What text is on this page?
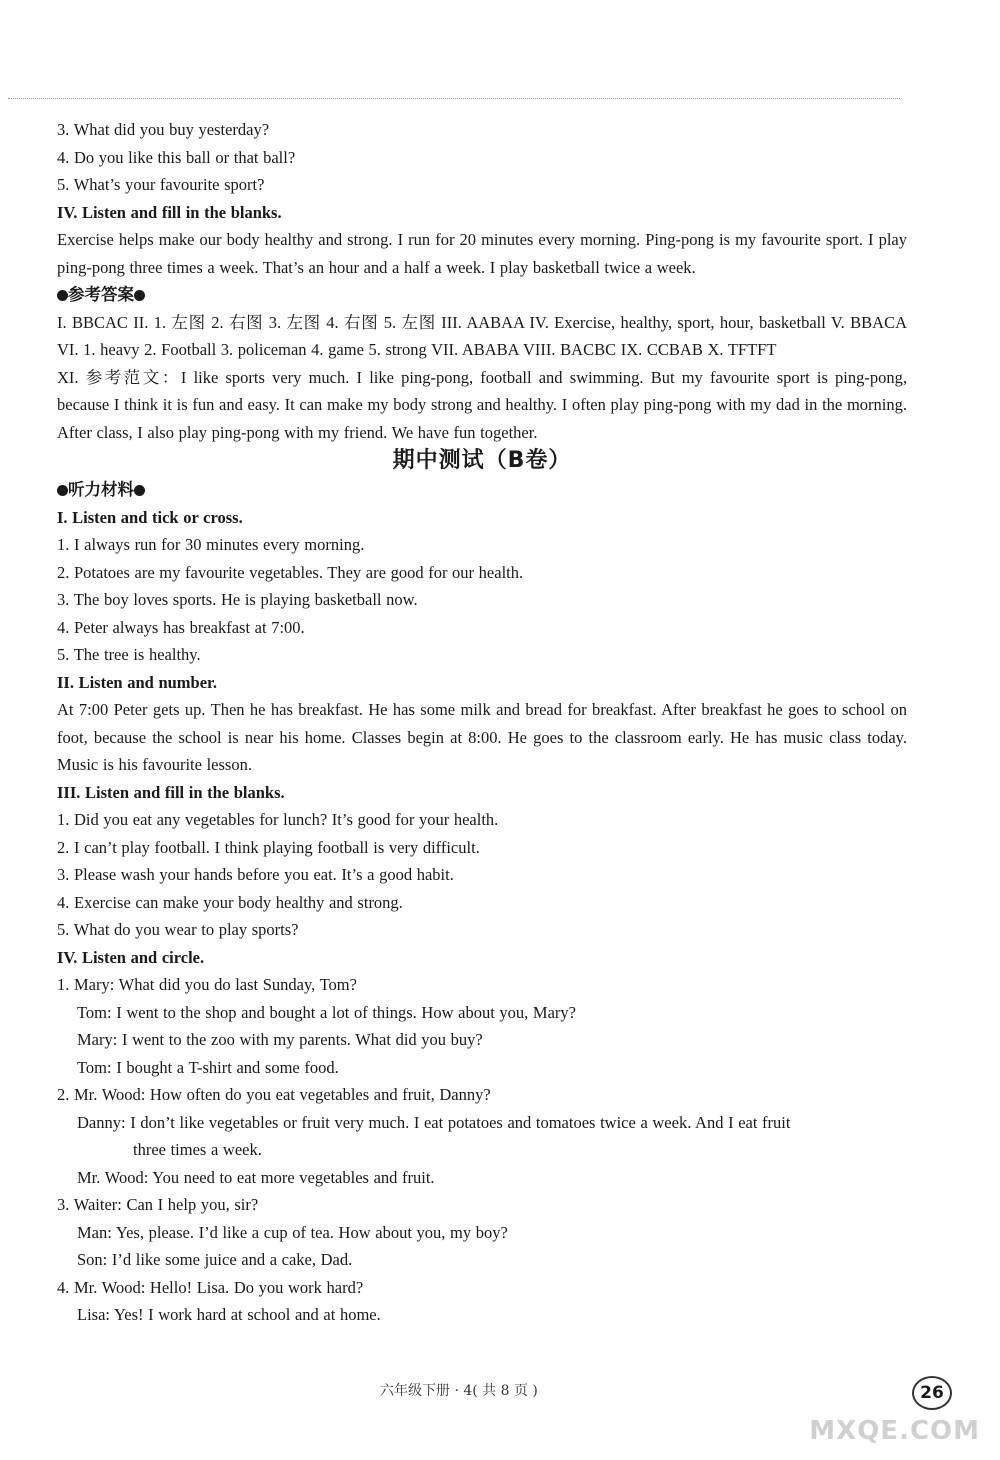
3. What did you buy yesterday?
4. Do you like this ball or that ball?
5. What’s your favourite sport?
IV. Listen and fill in the blanks.
Exercise helps make our body healthy and strong. I run for 20 minutes every morning. Ping-pong is my favourite sport. I play ping-pong three times a week. That’s an hour and a half a week. I play basketball twice a week.
参考答案
I. BBCAC II. 1. 左图 2. 右图 3. 左图 4. 右图 5. 左图 III. AABAA IV. Exercise, healthy, sport, hour, basketball V. BBACA VI. 1. heavy 2. Football 3. policeman 4. game 5. strong VII. ABABA VIII. BACBC IX. CCBAB X. TFTFT
XI. 参考范文：I like sports very much. I like ping-pong, football and swimming. But my favourite sport is ping-pong, because I think it is fun and easy. It can make my body strong and healthy. I often play ping-pong with my dad in the morning. After class, I also play ping-pong with my friend. We have fun together.
期中测试（B卷）
听力材料
I. Listen and tick or cross.
1. I always run for 30 minutes every morning.
2. Potatoes are my favourite vegetables. They are good for our health.
3. The boy loves sports. He is playing basketball now.
4. Peter always has breakfast at 7:00.
5. The tree is healthy.
II. Listen and number.
At 7:00 Peter gets up. Then he has breakfast. He has some milk and bread for breakfast. After breakfast he goes to school on foot, because the school is near his home. Classes begin at 8:00. He goes to the classroom early. He has music class today. Music is his favourite lesson.
III. Listen and fill in the blanks.
1. Did you eat any vegetables for lunch? It’s good for your health.
2. I can’t play football. I think playing football is very difficult.
3. Please wash your hands before you eat. It’s a good habit.
4. Exercise can make your body healthy and strong.
5. What do you wear to play sports?
IV. Listen and circle.
1. Mary: What did you do last Sunday, Tom?
Tom: I went to the shop and bought a lot of things. How about you, Mary?
Mary: I went to the zoo with my parents. What did you buy?
Tom: I bought a T-shirt and some food.
2. Mr. Wood: How often do you eat vegetables and fruit, Danny?
Danny: I don’t like vegetables or fruit very much. I eat potatoes and tomatoes twice a week. And I eat fruit
three times a week.
Mr. Wood: You need to eat more vegetables and fruit.
3. Waiter: Can I help you, sir?
Man: Yes, please. I’d like a cup of tea. How about you, my boy?
Son: I’d like some juice and a cake, Dad.
4. Mr. Wood: Hello! Lisa. Do you work hard?
Lisa: Yes! I work hard at school and at home.
六年级下册 · 4( 共 8 页 )	26
MXQE.COM
